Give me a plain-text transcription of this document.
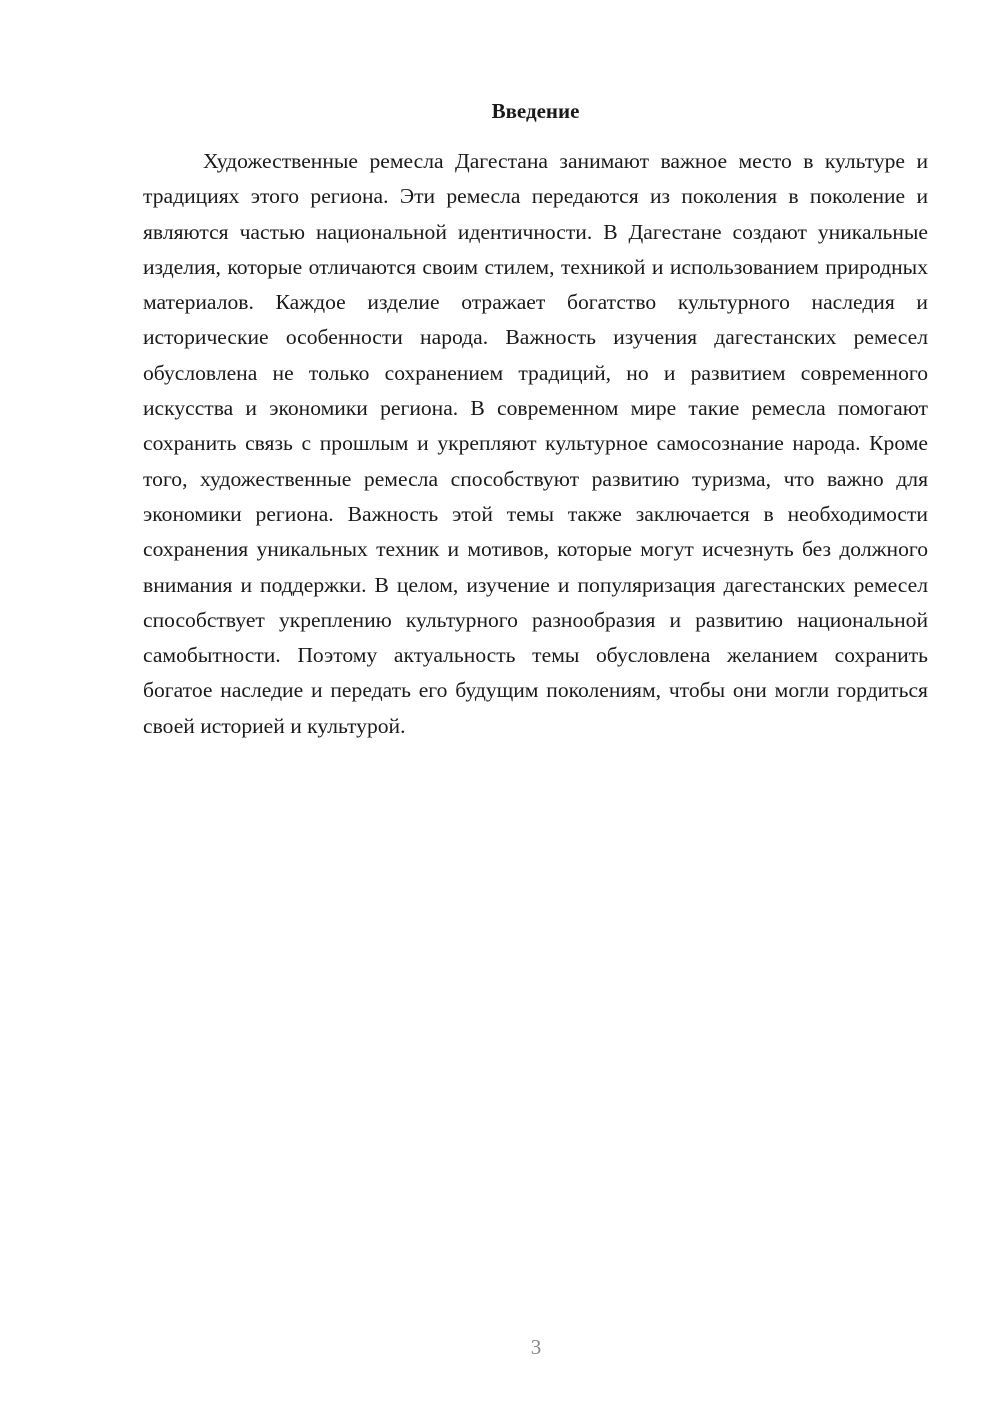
Введение

Художественные ремесла Дагестана занимают важное место в культуре и традициях этого региона. Эти ремесла передаются из поколения в поколение и являются частью национальной идентичности. В Дагестане создают уникальные изделия, которые отличаются своим стилем, техникой и использованием природных материалов. Каждое изделие отражает богатство культурного наследия и исторические особенности народа. Важность изучения дагестанских ремесел обусловлена не только сохранением традиций, но и развитием современного искусства и экономики региона. В современном мире такие ремесла помогают сохранить связь с прошлым и укрепляют культурное самосознание народа. Кроме того, художественные ремесла способствуют развитию туризма, что важно для экономики региона. Важность этой темы также заключается в необходимости сохранения уникальных техник и мотивов, которые могут исчезнуть без должного внимания и поддержки. В целом, изучение и популяризация дагестанских ремесел способствует укреплению культурного разнообразия и развитию национальной самобытности. Поэтому актуальность темы обусловлена желанием сохранить богатое наследие и передать его будущим поколениям, чтобы они могли гордиться своей историей и культурой.

3
